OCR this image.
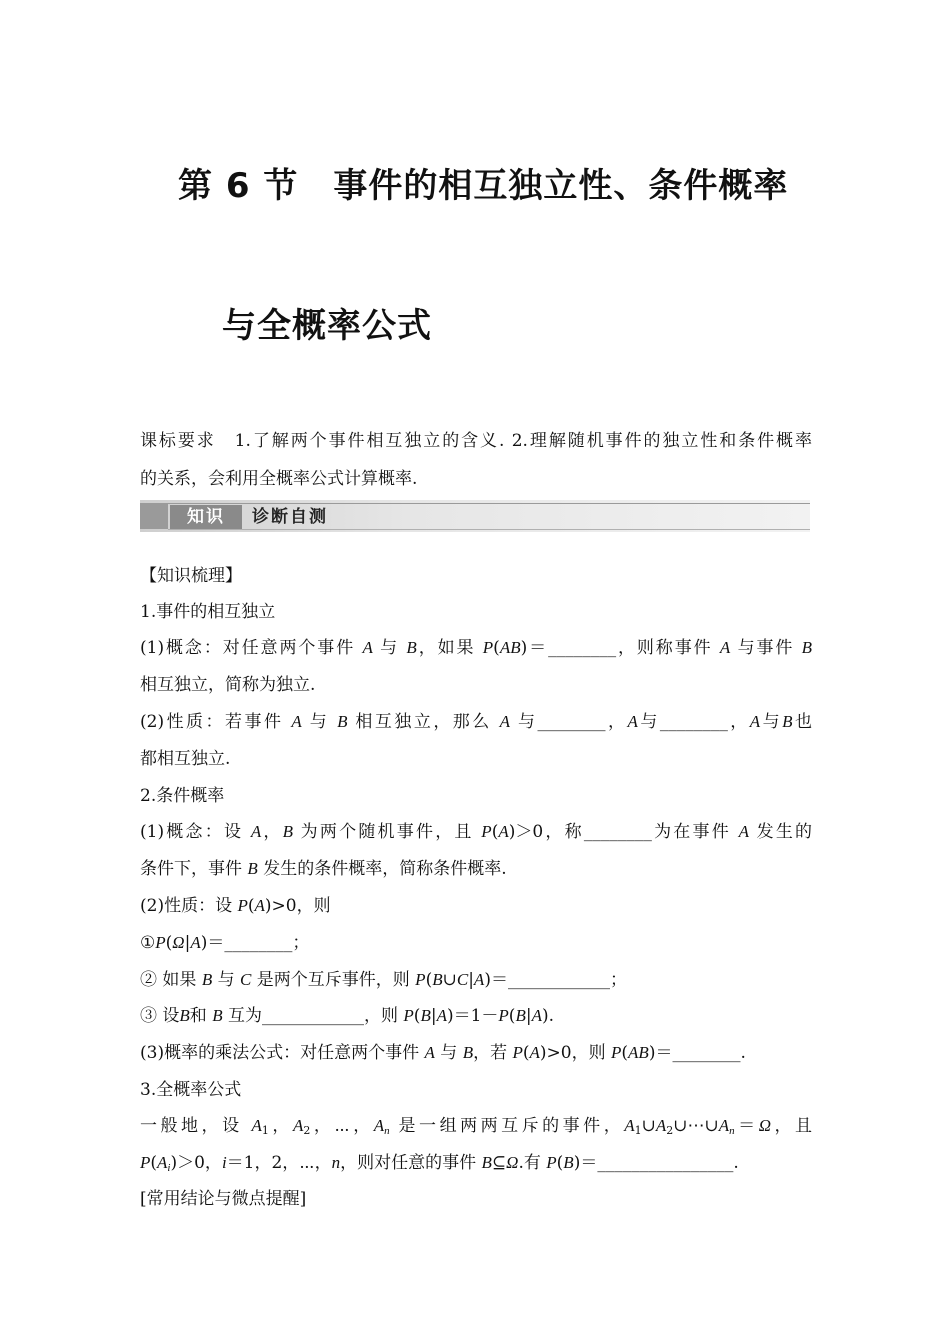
第 6 节　事件的相互独立性、条件概率
与全概率公式
课标要求　1.了解两个事件相互独立的含义. 2.理解随机事件的独立性和条件概率
的关系，会利用全概率公式计算概率.
知识	诊断自测
【知识梳理】
1.事件的相互独立
(1)概念：对任意两个事件 A 与 B，如果 P(AB)＝________，则称事件 A 与事件 B
相互独立，简称为独立.
(2)性质：若事件 A 与 B 相互独立，那么 A 与________，A与________，A与B也
都相互独立.
2.条件概率
(1)概念：设 A，B 为两个随机事件，且 P(A)＞0，称________为在事件 A 发生的
条件下，事件 B 发生的条件概率，简称条件概率.
(2)性质：设 P(A)>0，则
①P(Ω|A)＝________；
② 如果 B 与 C 是两个互斥事件，则 P(B∪C|A)＝____________；
③ 设B和 B 互为____________，则 P(B|A)＝1－P(B|A).
(3)概率的乘法公式：对任意两个事件 A 与 B，若 P(A)>0，则 P(AB)＝________.
3.全概率公式
一般地，设 $A_1$，$A_2$，⋯，$A_n$ 是一组两两互斥的事件，$A_1\cup A_2\cup\cdots\cup A_n=\Omega$，且
$P(A_i)>0$，i＝1，2，⋯，n，则对任意的事件 B⊆Ω.有 P(B)＝________________.
[常用结论与微点提醒]
